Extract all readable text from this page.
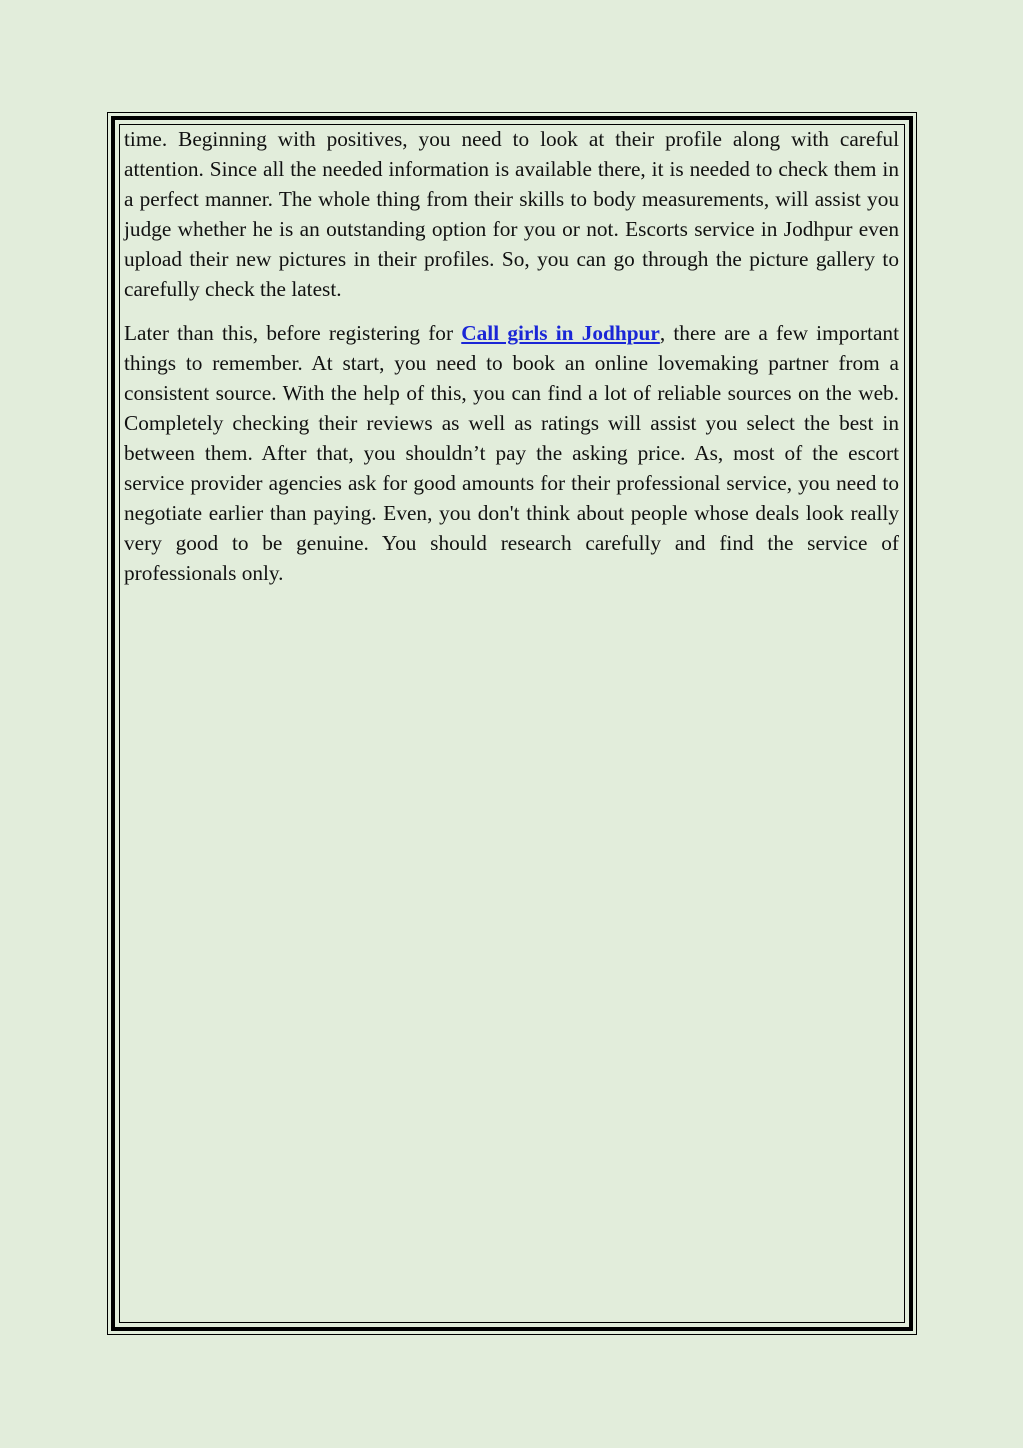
time. Beginning with positives, you need to look at their profile along with careful attention. Since all the needed information is available there, it is needed to check them in a perfect manner. The whole thing from their skills to body measurements, will assist you judge whether he is an outstanding option for you or not. Escorts service in Jodhpur even upload their new pictures in their profiles. So, you can go through the picture gallery to carefully check the latest.

Later than this, before registering for Call girls in Jodhpur, there are a few important things to remember. At start, you need to book an online lovemaking partner from a consistent source. With the help of this, you can find a lot of reliable sources on the web. Completely checking their reviews as well as ratings will assist you select the best in between them. After that, you shouldn’t pay the asking price. As, most of the escort service provider agencies ask for good amounts for their professional service, you need to negotiate earlier than paying. Even, you don't think about people whose deals look really very good to be genuine. You should research carefully and find the service of professionals only.
